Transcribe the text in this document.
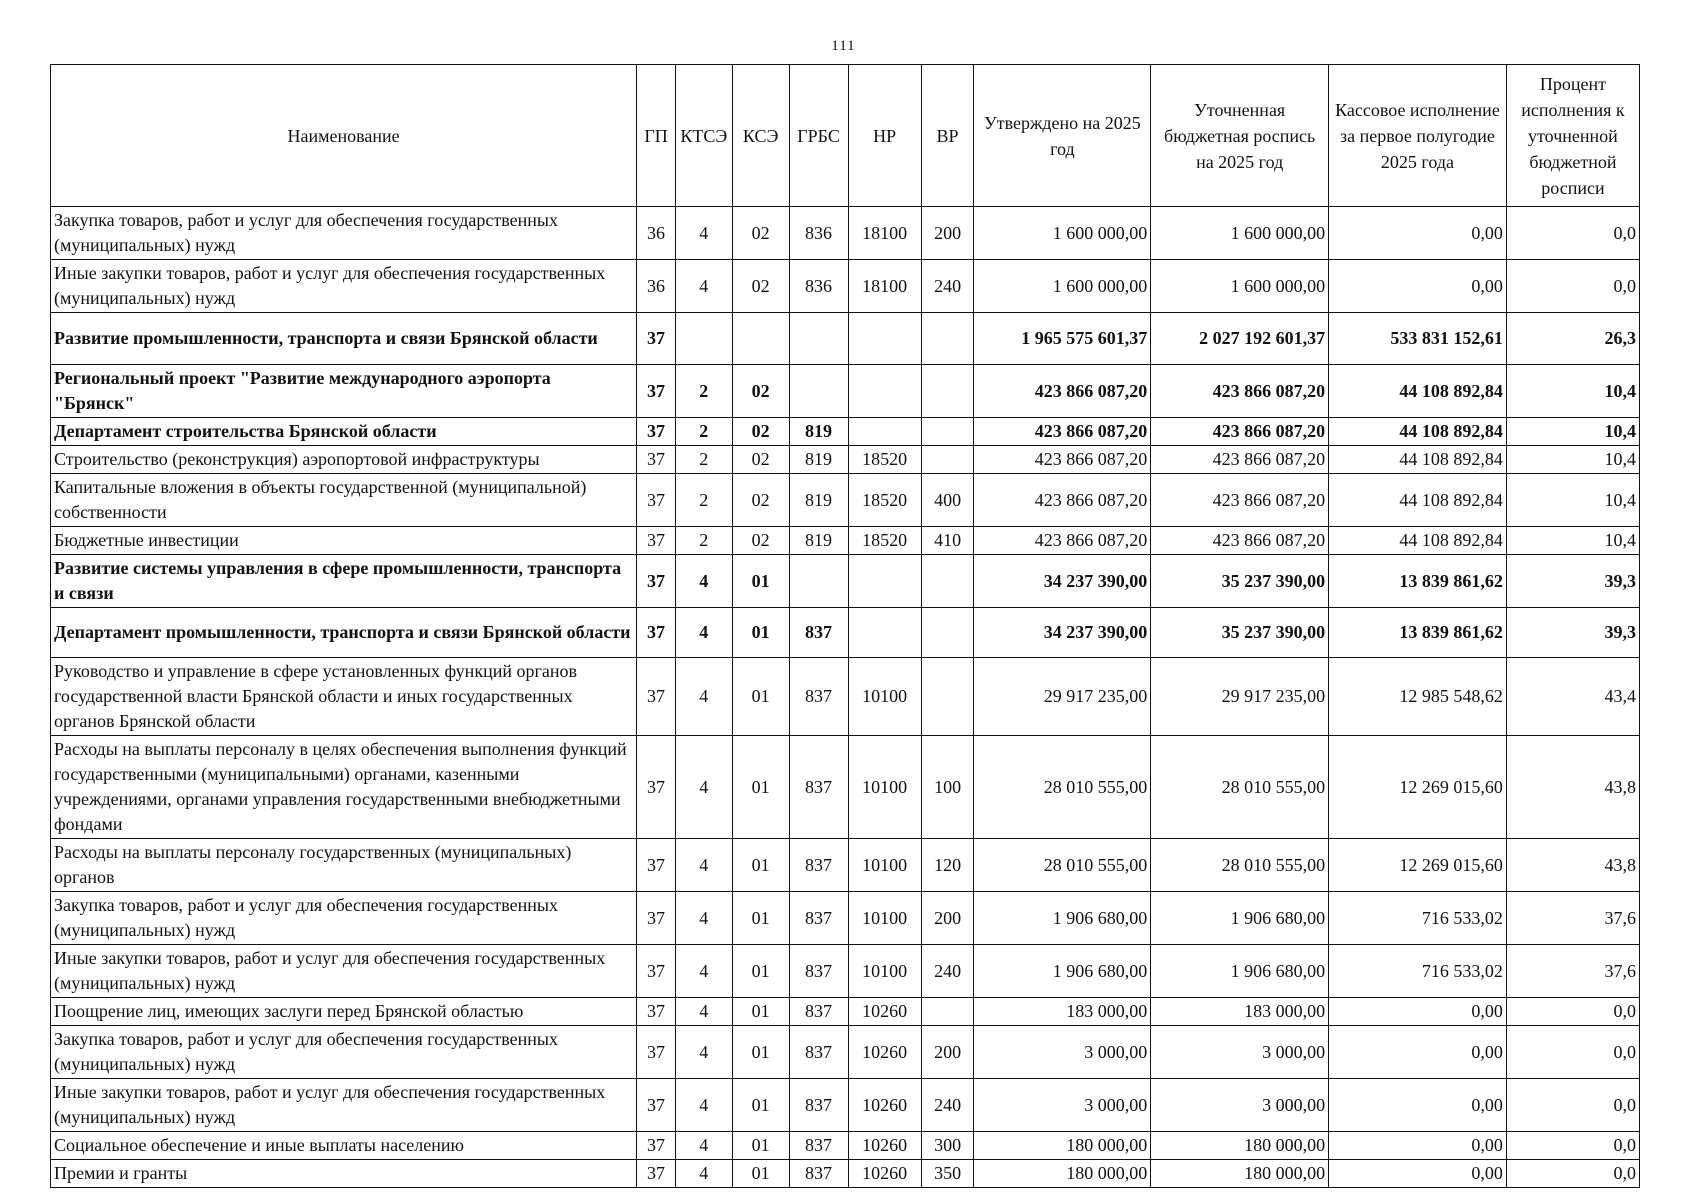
111
Наименование	ГП	КТСЭ	КСЭ	ГРБС	НР	ВР	Утверждено на 2025 год	Уточненная бюджетная роспись на 2025 год	Кассовое исполнение за первое полугодие 2025 года	Процент исполнения к уточненной бюджетной росписи
Закупка товаров, работ и услуг для обеспечения государственных (муниципальных) нужд	36	4	02	836	18100	200	1 600 000,00	1 600 000,00	0,00	0,0
Иные закупки товаров, работ и услуг для обеспечения государственных (муниципальных) нужд	36	4	02	836	18100	240	1 600 000,00	1 600 000,00	0,00	0,0
Развитие промышленности, транспорта и связи Брянской области	37						1 965 575 601,37	2 027 192 601,37	533 831 152,61	26,3
Региональный проект "Развитие международного аэропорта "Брянск"	37	2	02				423 866 087,20	423 866 087,20	44 108 892,84	10,4
Департамент строительства Брянской области	37	2	02	819			423 866 087,20	423 866 087,20	44 108 892,84	10,4
Строительство (реконструкция) аэропортовой инфраструктуры	37	2	02	819	18520		423 866 087,20	423 866 087,20	44 108 892,84	10,4
Капитальные вложения в объекты государственной (муниципальной) собственности	37	2	02	819	18520	400	423 866 087,20	423 866 087,20	44 108 892,84	10,4
Бюджетные инвестиции	37	2	02	819	18520	410	423 866 087,20	423 866 087,20	44 108 892,84	10,4
Развитие системы управления в сфере промышленности, транспорта и связи	37	4	01				34 237 390,00	35 237 390,00	13 839 861,62	39,3
Департамент промышленности, транспорта и связи Брянской области	37	4	01	837			34 237 390,00	35 237 390,00	13 839 861,62	39,3
Руководство и управление в сфере установленных функций органов государственной власти Брянской области и иных государственных органов Брянской области	37	4	01	837	10100		29 917 235,00	29 917 235,00	12 985 548,62	43,4
Расходы на выплаты персоналу в целях обеспечения выполнения функций государственными (муниципальными) органами, казенными учреждениями, органами управления государственными внебюджетными фондами	37	4	01	837	10100	100	28 010 555,00	28 010 555,00	12 269 015,60	43,8
Расходы на выплаты персоналу государственных (муниципальных) органов	37	4	01	837	10100	120	28 010 555,00	28 010 555,00	12 269 015,60	43,8
Закупка товаров, работ и услуг для обеспечения государственных (муниципальных) нужд	37	4	01	837	10100	200	1 906 680,00	1 906 680,00	716 533,02	37,6
Иные закупки товаров, работ и услуг для обеспечения государственных (муниципальных) нужд	37	4	01	837	10100	240	1 906 680,00	1 906 680,00	716 533,02	37,6
Поощрение лиц, имеющих заслуги перед Брянской областью	37	4	01	837	10260		183 000,00	183 000,00	0,00	0,0
Закупка товаров, работ и услуг для обеспечения государственных (муниципальных) нужд	37	4	01	837	10260	200	3 000,00	3 000,00	0,00	0,0
Иные закупки товаров, работ и услуг для обеспечения государственных (муниципальных) нужд	37	4	01	837	10260	240	3 000,00	3 000,00	0,00	0,0
Социальное обеспечение и иные выплаты населению	37	4	01	837	10260	300	180 000,00	180 000,00	0,00	0,0
Премии и гранты	37	4	01	837	10260	350	180 000,00	180 000,00	0,00	0,0
